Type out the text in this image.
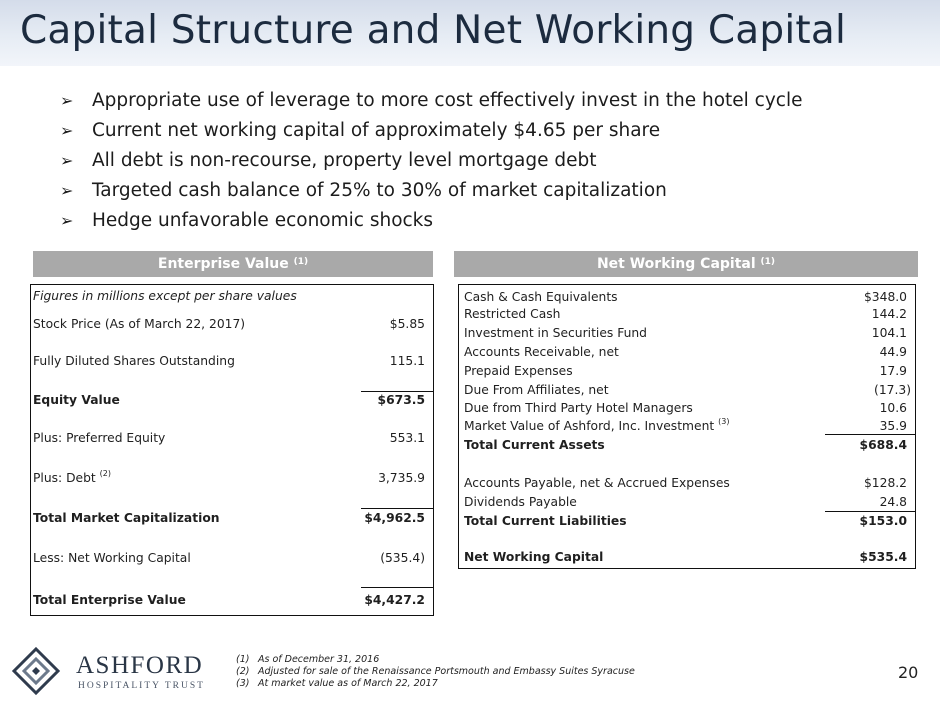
Capital Structure and Net Working Capital
➢ Appropriate use of leverage to more cost effectively invest in the hotel cycle
➢ Current net working capital of approximately $4.65 per share
➢ All debt is non-recourse, property level mortgage debt
➢ Targeted cash balance of 25% to 30% of market capitalization
➢ Hedge unfavorable economic shocks
Enterprise Value $^{(1)}$
Figures in millions except per share values
Stock Price (As of March 22, 2017)	$5.85
Fully Diluted Shares Outstanding	115.1
Equity Value	$673.5
Plus: Preferred Equity	553.1
Plus: Debt $^{(2)}$	3,735.9
Total Market Capitalization	$4,962.5
Less: Net Working Capital	(535.4)
Total Enterprise Value	$4,427.2
Net Working Capital $^{(1)}$
Cash & Cash Equivalents	$348.0
Restricted Cash	144.2
Investment in Securities Fund	104.1
Accounts Receivable, net	44.9
Prepaid Expenses	17.9
Due From Affiliates, net	(17.3)
Due from Third Party Hotel Managers	10.6
Market Value of Ashford, Inc. Investment $^{(3)}$	35.9
Total Current Assets	$688.4
Accounts Payable, net & Accrued Expenses	$128.2
Dividends Payable	24.8
Total Current Liabilities	$153.0
Net Working Capital	$535.4
ASHFORD
HOSPITALITY TRUST
(1) As of December 31, 2016
(2) Adjusted for sale of the Renaissance Portsmouth and Embassy Suites Syracuse
(3) At market value as of March 22, 2017
20
